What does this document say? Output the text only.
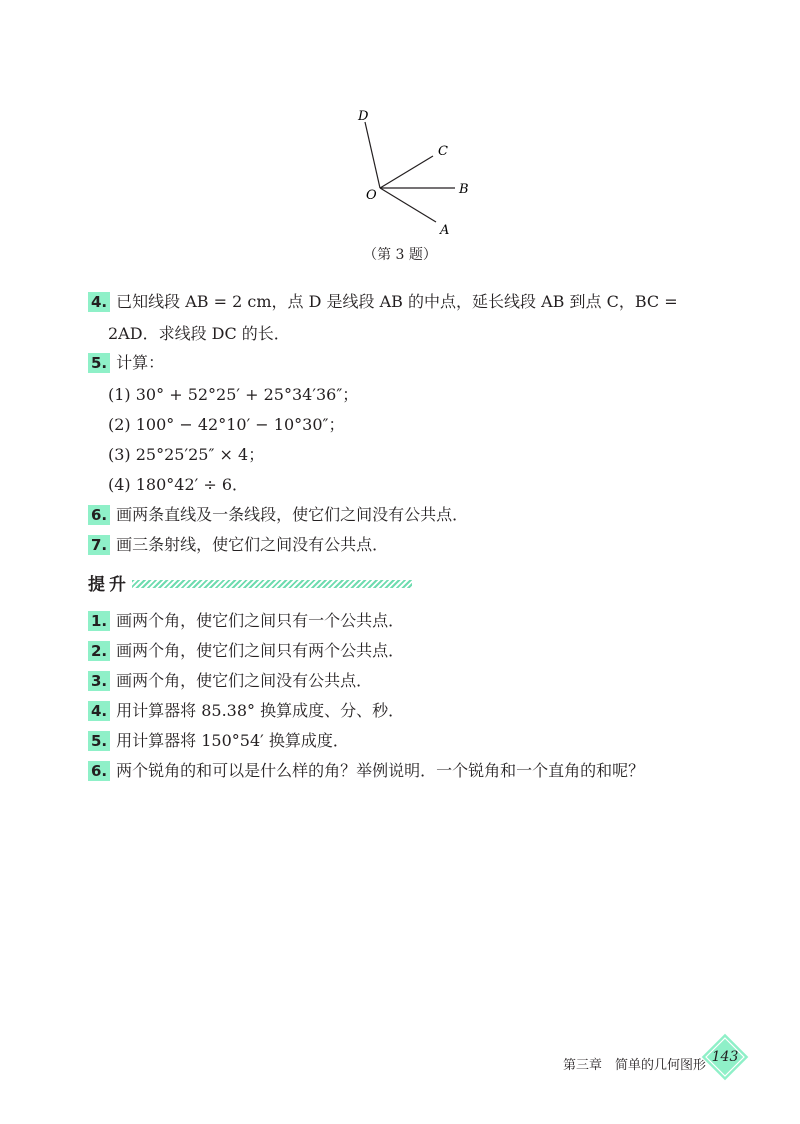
D
C
B
O
A
（第 3 题）
4. 已知线段 AB = 2 cm，点 D 是线段 AB 的中点，延长线段 AB 到点 C，BC =
2AD．求线段 DC 的长．
5. 计算：
(1) 30° + 52°25′ + 25°34′36″；
(2) 100° − 42°10′ − 10°30″；
(3) 25°25′25″ × 4；
(4) 180°42′ ÷ 6．
6. 画两条直线及一条线段，使它们之间没有公共点．
7. 画三条射线，使它们之间没有公共点．
提升
1. 画两个角，使它们之间只有一个公共点．
2. 画两个角，使它们之间只有两个公共点．
3. 画两个角，使它们之间没有公共点．
4. 用计算器将 85.38° 换算成度、分、秒．
5. 用计算器将 150°54′ 换算成度．
6. 两个锐角的和可以是什么样的角？举例说明．一个锐角和一个直角的和呢？
第三章　简单的几何图形
143
